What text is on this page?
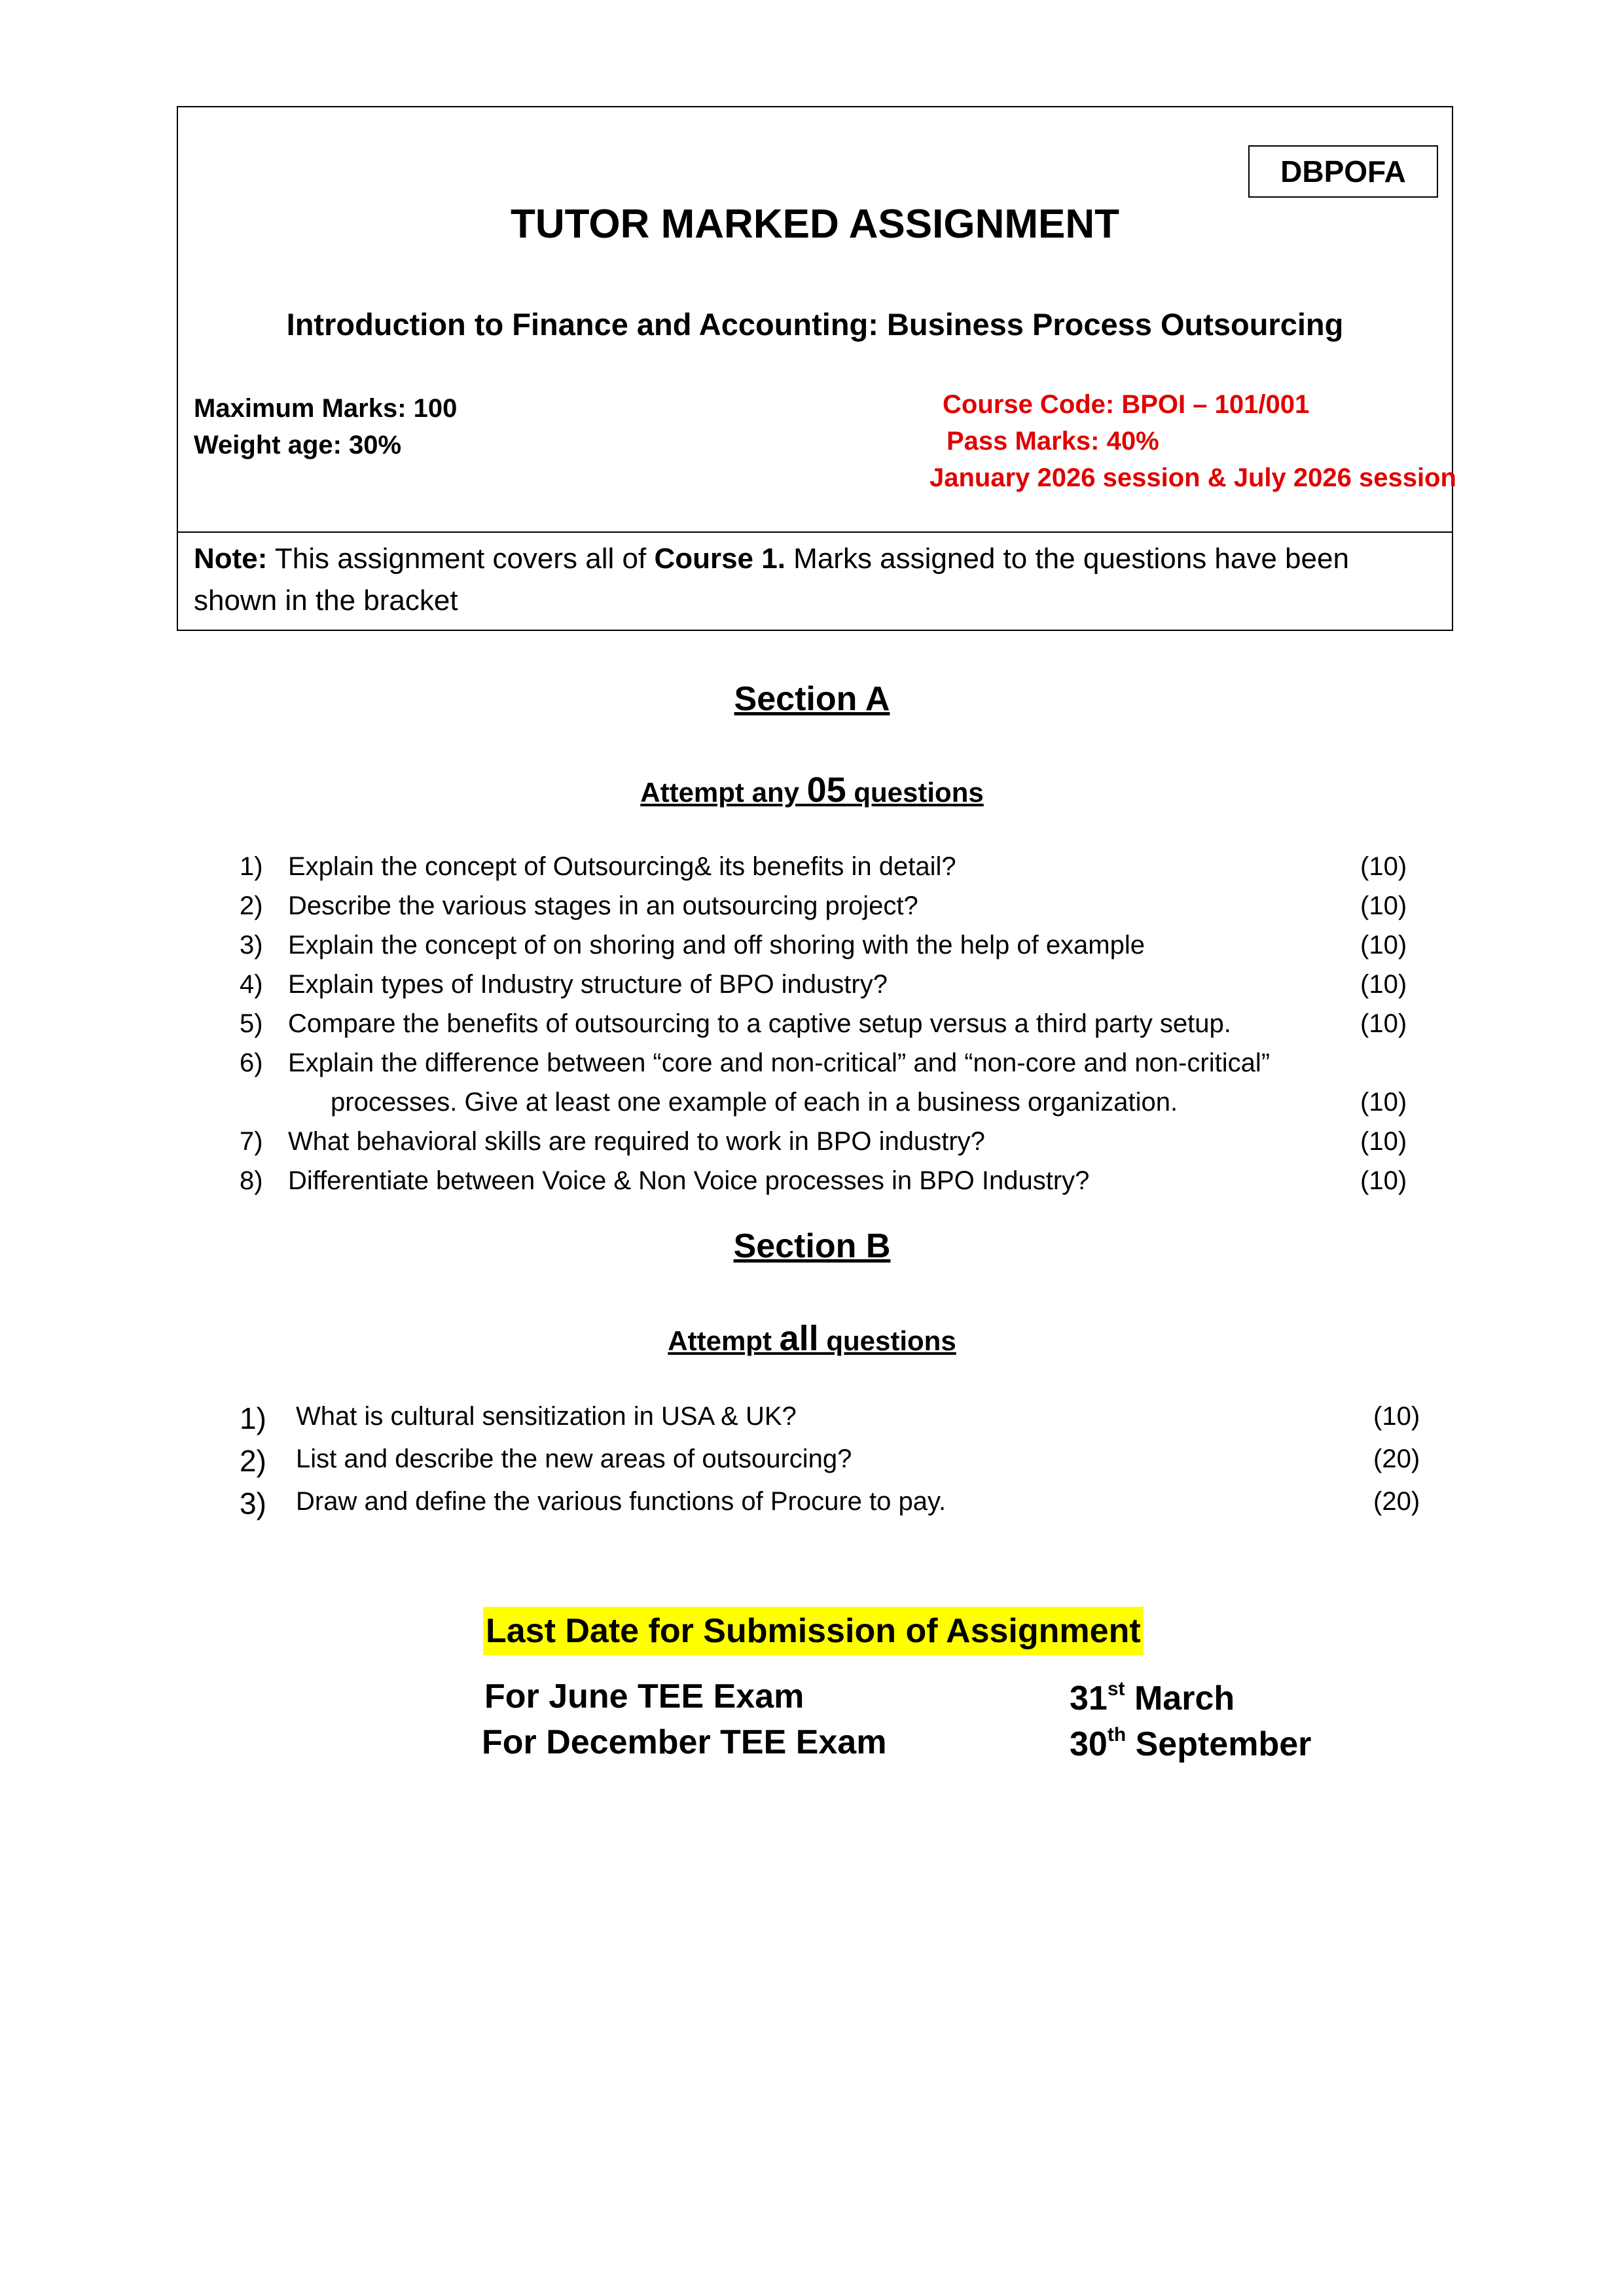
DBPOFA
TUTOR MARKED ASSIGNMENT
Introduction to Finance and Accounting: Business Process Outsourcing
Maximum Marks: 100
Weight age: 30%
Course Code: BPOI – 101/001
Pass Marks: 40%
January 2026 session & July 2026 session
Note: This assignment covers all of Course 1. Marks assigned to the questions have been shown in the bracket
Section A
Attempt any 05 questions
1) Explain the concept of Outsourcing& its benefits in detail?	(10)
2) Describe the various stages in an outsourcing project?	(10)
3) Explain the concept of on shoring and off shoring with the help of example	(10)
4) Explain types of Industry structure of BPO industry?	(10)
5) Compare the benefits of outsourcing to a captive setup versus a third party setup.	(10)
6) Explain the difference between “core and non-critical” and “non-core and non-critical”
processes. Give at least one example of each in a business organization.	(10)
7) What behavioral skills are required to work in BPO industry?	(10)
8) Differentiate between Voice & Non Voice processes in BPO Industry?	(10)
Section B
Attempt all questions
1) What is cultural sensitization in USA & UK?	(10)
2) List and describe the new areas of outsourcing?	(20)
3) Draw and define the various functions of Procure to pay.	(20)
Last Date for Submission of Assignment
For June TEE Exam	31st March
For December TEE Exam	30th September
